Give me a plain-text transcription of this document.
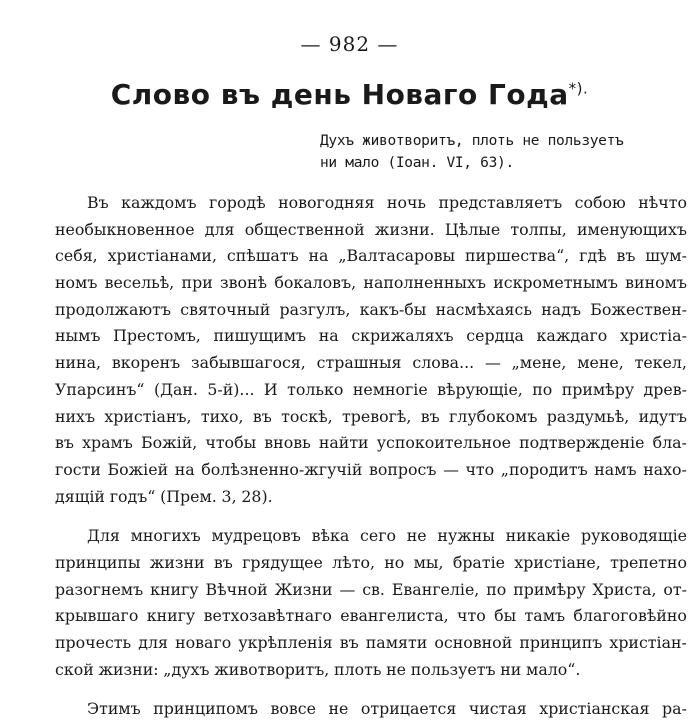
— 982 —
Слово въ день Новаго Года*).
Духъ животворитъ, плоть не пользуетъ
ни мало (Іоан. VI, 63).
Въ каждомъ городѣ новогодняя ночь представляетъ собою нѣчто
необыкновенное для общественной жизни. Цѣлые толпы, именующихъ
себя, христіанами, спѣшатъ на „Валтасаровы пиршества“, гдѣ въ шум-
номъ весельѣ, при звонѣ бокаловъ, наполненныхъ искрометнымъ виномъ
продолжаютъ святочный разгулъ, какъ-бы насмѣхаясь надъ Божествен-
нымъ Престомъ, пишущимъ на скрижаляхъ сердца каждаго христіа-
нина, вкоренъ забывшагося, страшныя слова... — „мене, мене, текел,
Упарсинъ“ (Дан. 5-й)... И только немногіе вѣрующіе, по примѣру древ-
нихъ христіанъ, тихо, въ тоскѣ, тревогѣ, въ глубокомъ раздумьѣ, идутъ
въ храмъ Божій, чтобы вновь найти успокоительное подтвержденіе бла-
гости Божіей на болѣзненно-жгучій вопросъ — что „породитъ намъ нахо-
дящій годъ“ (Прем. 3, 28).
Для многихъ мудрецовъ вѣка сего не нужны никакіе руководящіе
принципы жизни въ грядущее лѣто, но мы, братіе христіане, трепетно
разогнемъ книгу Вѣчной Жизни — св. Евангеліе, по примѣру Христа, от-
крывшаго книгу ветхозавѣтнаго евангелиста, что бы тамъ благоговѣйно
прочесть для новаго укрѣпленія въ памяти основной принципъ христіан-
ской жизни: „духъ животворитъ, плоть не пользуетъ ни мало“.
Этимъ принципомъ вовсе не отрицается чистая христіанская ра-
